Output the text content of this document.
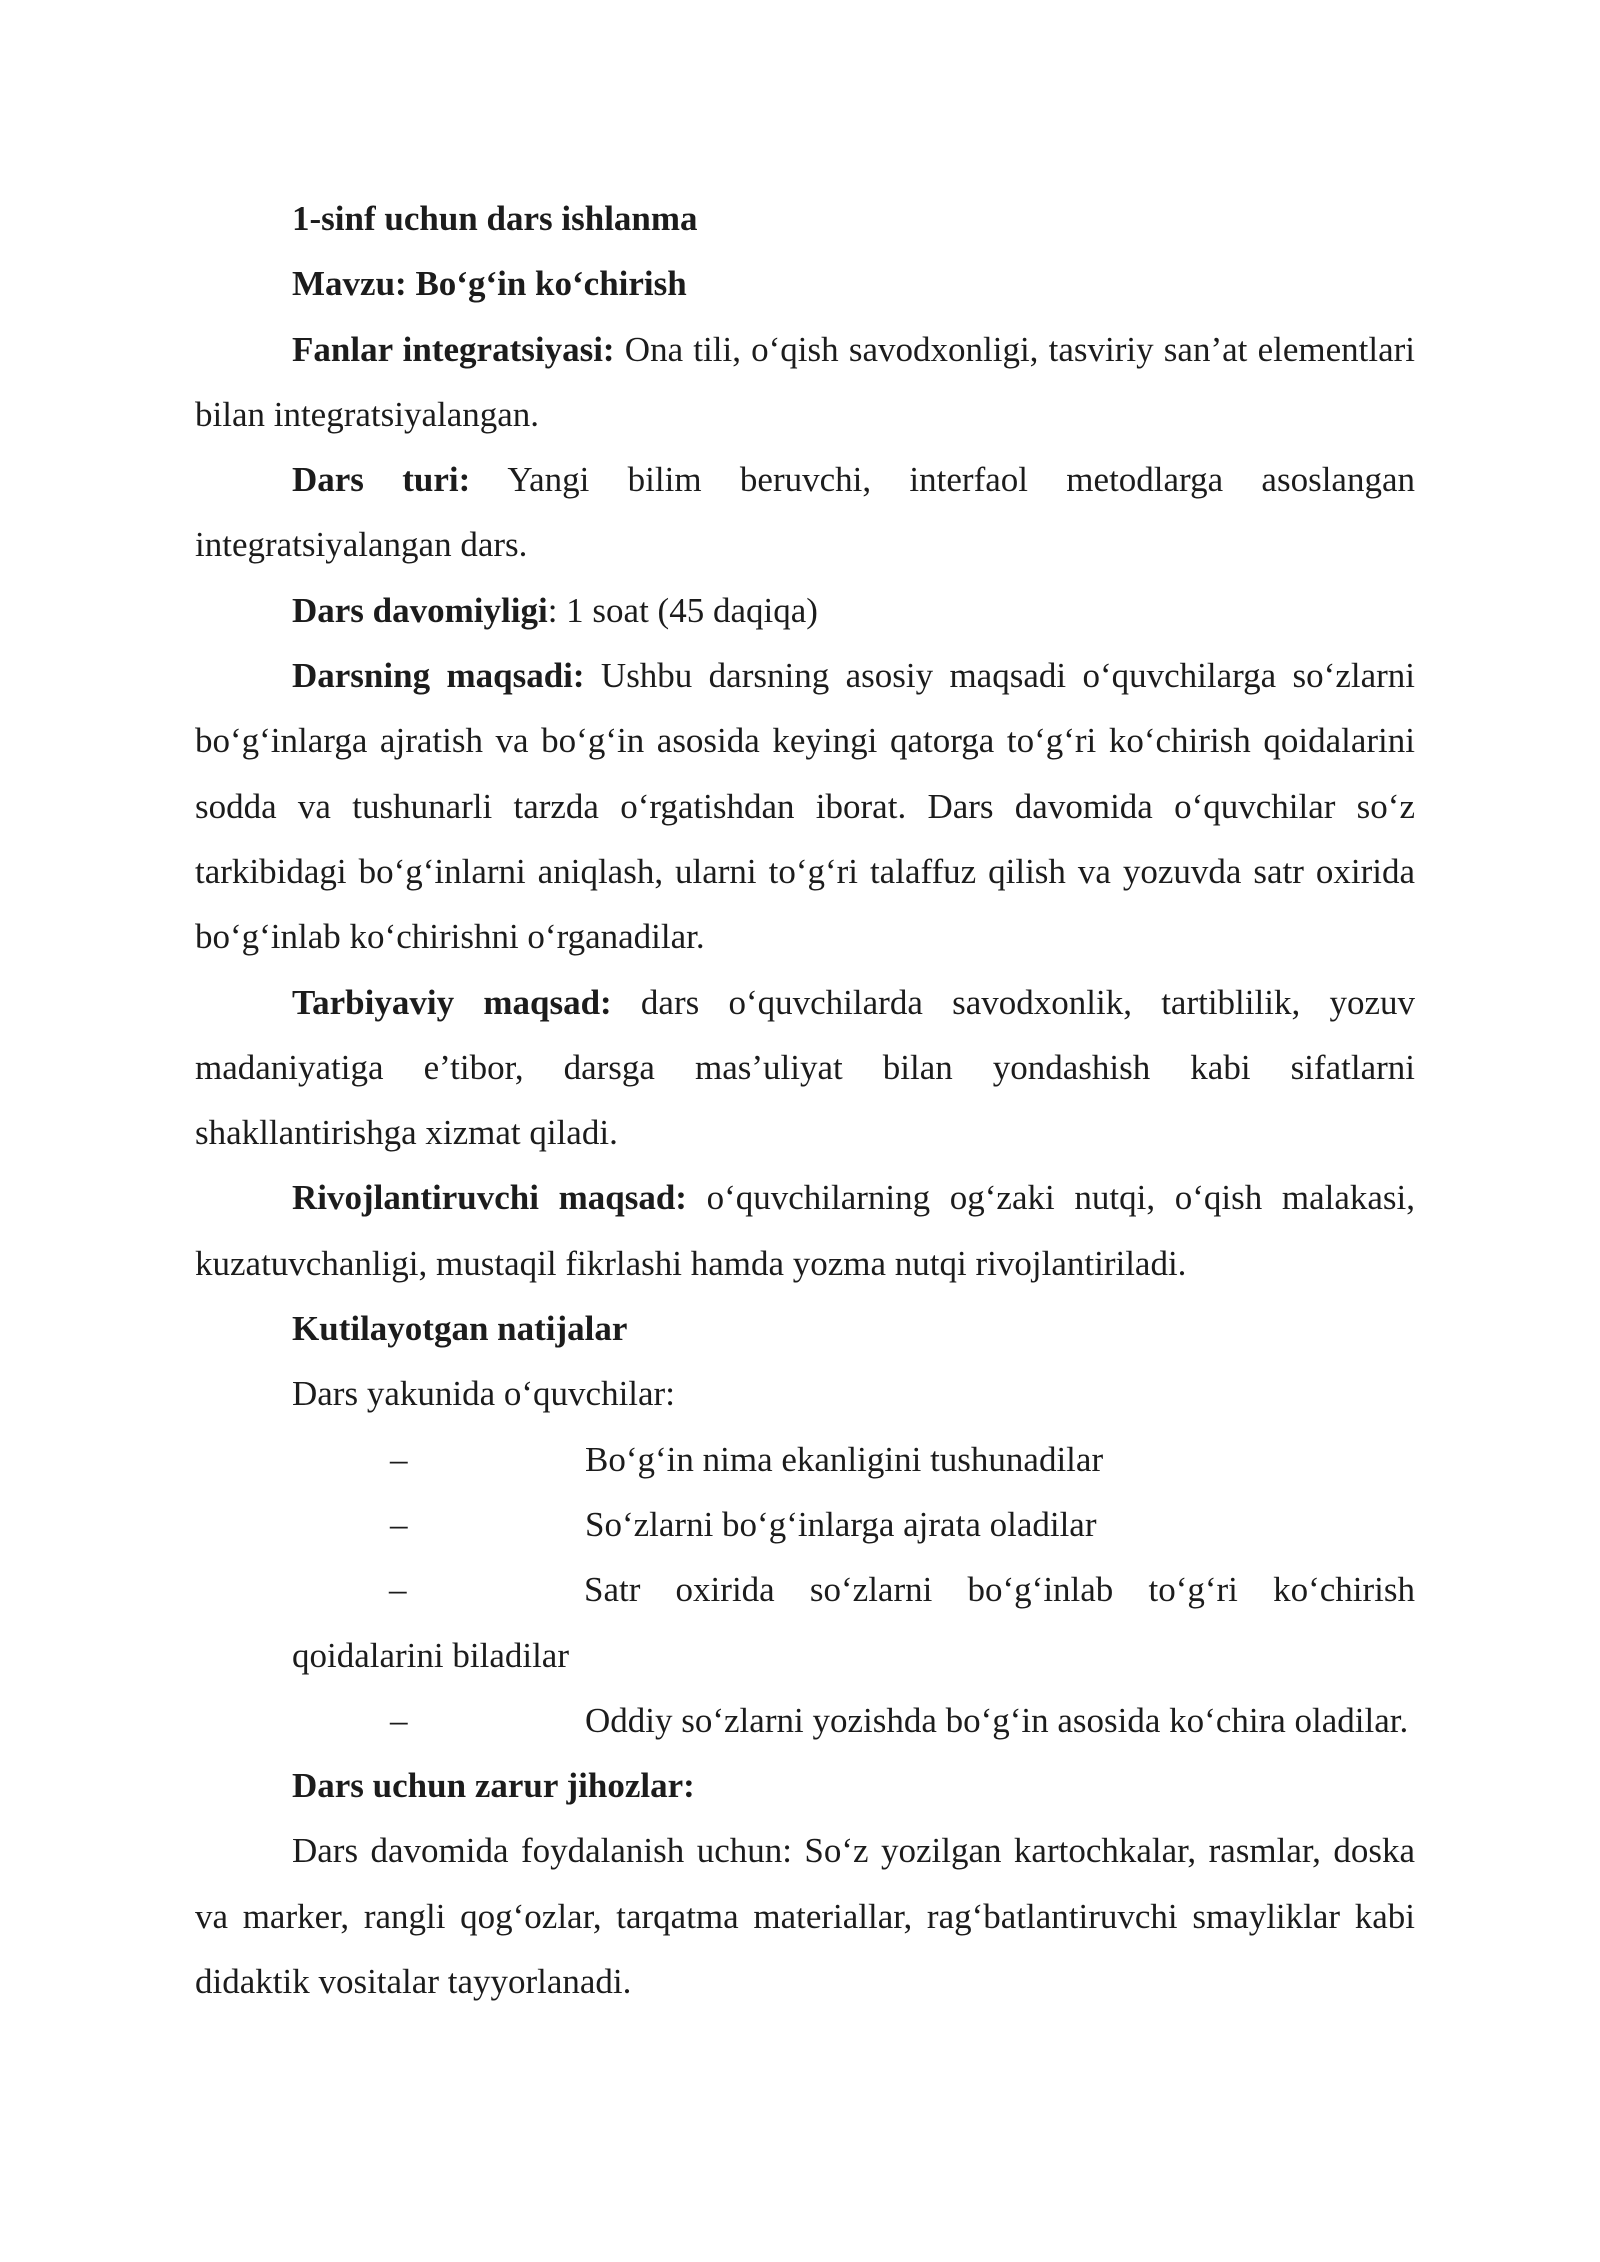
1-sinf uchun dars ishlanma

Mavzu: Bo‘g‘in ko‘chirish

Fanlar integratsiyasi: Ona tili, o‘qish savodxonligi, tasviriy san’at elementlari bilan integratsiyalangan.

Dars turi: Yangi bilim beruvchi, interfaol metodlarga asoslangan integratsiyalangan dars.

Dars davomiyligi: 1 soat (45 daqiqa)

Darsning maqsadi: Ushbu darsning asosiy maqsadi o‘quvchilarga so‘zlarni bo‘g‘inlarga ajratish va bo‘g‘in asosida keyingi qatorga to‘g‘ri ko‘chirish qoidalarini sodda va tushunarli tarzda o‘rgatishdan iborat. Dars davomida o‘quvchilar so‘z tarkibidagi bo‘g‘inlarni aniqlash, ularni to‘g‘ri talaffuz qilish va yozuvda satr oxirida bo‘g‘inlab ko‘chirishni o‘rganadilar.

Tarbiyaviy maqsad: dars o‘quvchilarda savodxonlik, tartiblilik, yozuv madaniyatiga e’tibor, darsga mas’uliyat bilan yondashish kabi sifatlarni shakllantirishga xizmat qiladi.

Rivojlantiruvchi maqsad: o‘quvchilarning og‘zaki nutqi, o‘qish malakasi, kuzatuvchanligi, mustaqil fikrlashi hamda yozma nutqi rivojlantiriladi.

Kutilayotgan natijalar

Dars yakunida o‘quvchilar:

–	Bo‘g‘in nima ekanligini tushunadilar

–	So‘zlarni bo‘g‘inlarga ajrata oladilar

–	Satr oxirida so‘zlarni bo‘g‘inlab to‘g‘ri ko‘chirish qoidalarini biladilar

–	Oddiy so‘zlarni yozishda bo‘g‘in asosida ko‘chira oladilar.

Dars uchun zarur jihozlar:

Dars davomida foydalanish uchun: So‘z yozilgan kartochkalar, rasmlar, doska va marker, rangli qog‘ozlar, tarqatma materiallar, rag‘batlantiruvchi smayliklar kabi didaktik vositalar tayyorlanadi.
